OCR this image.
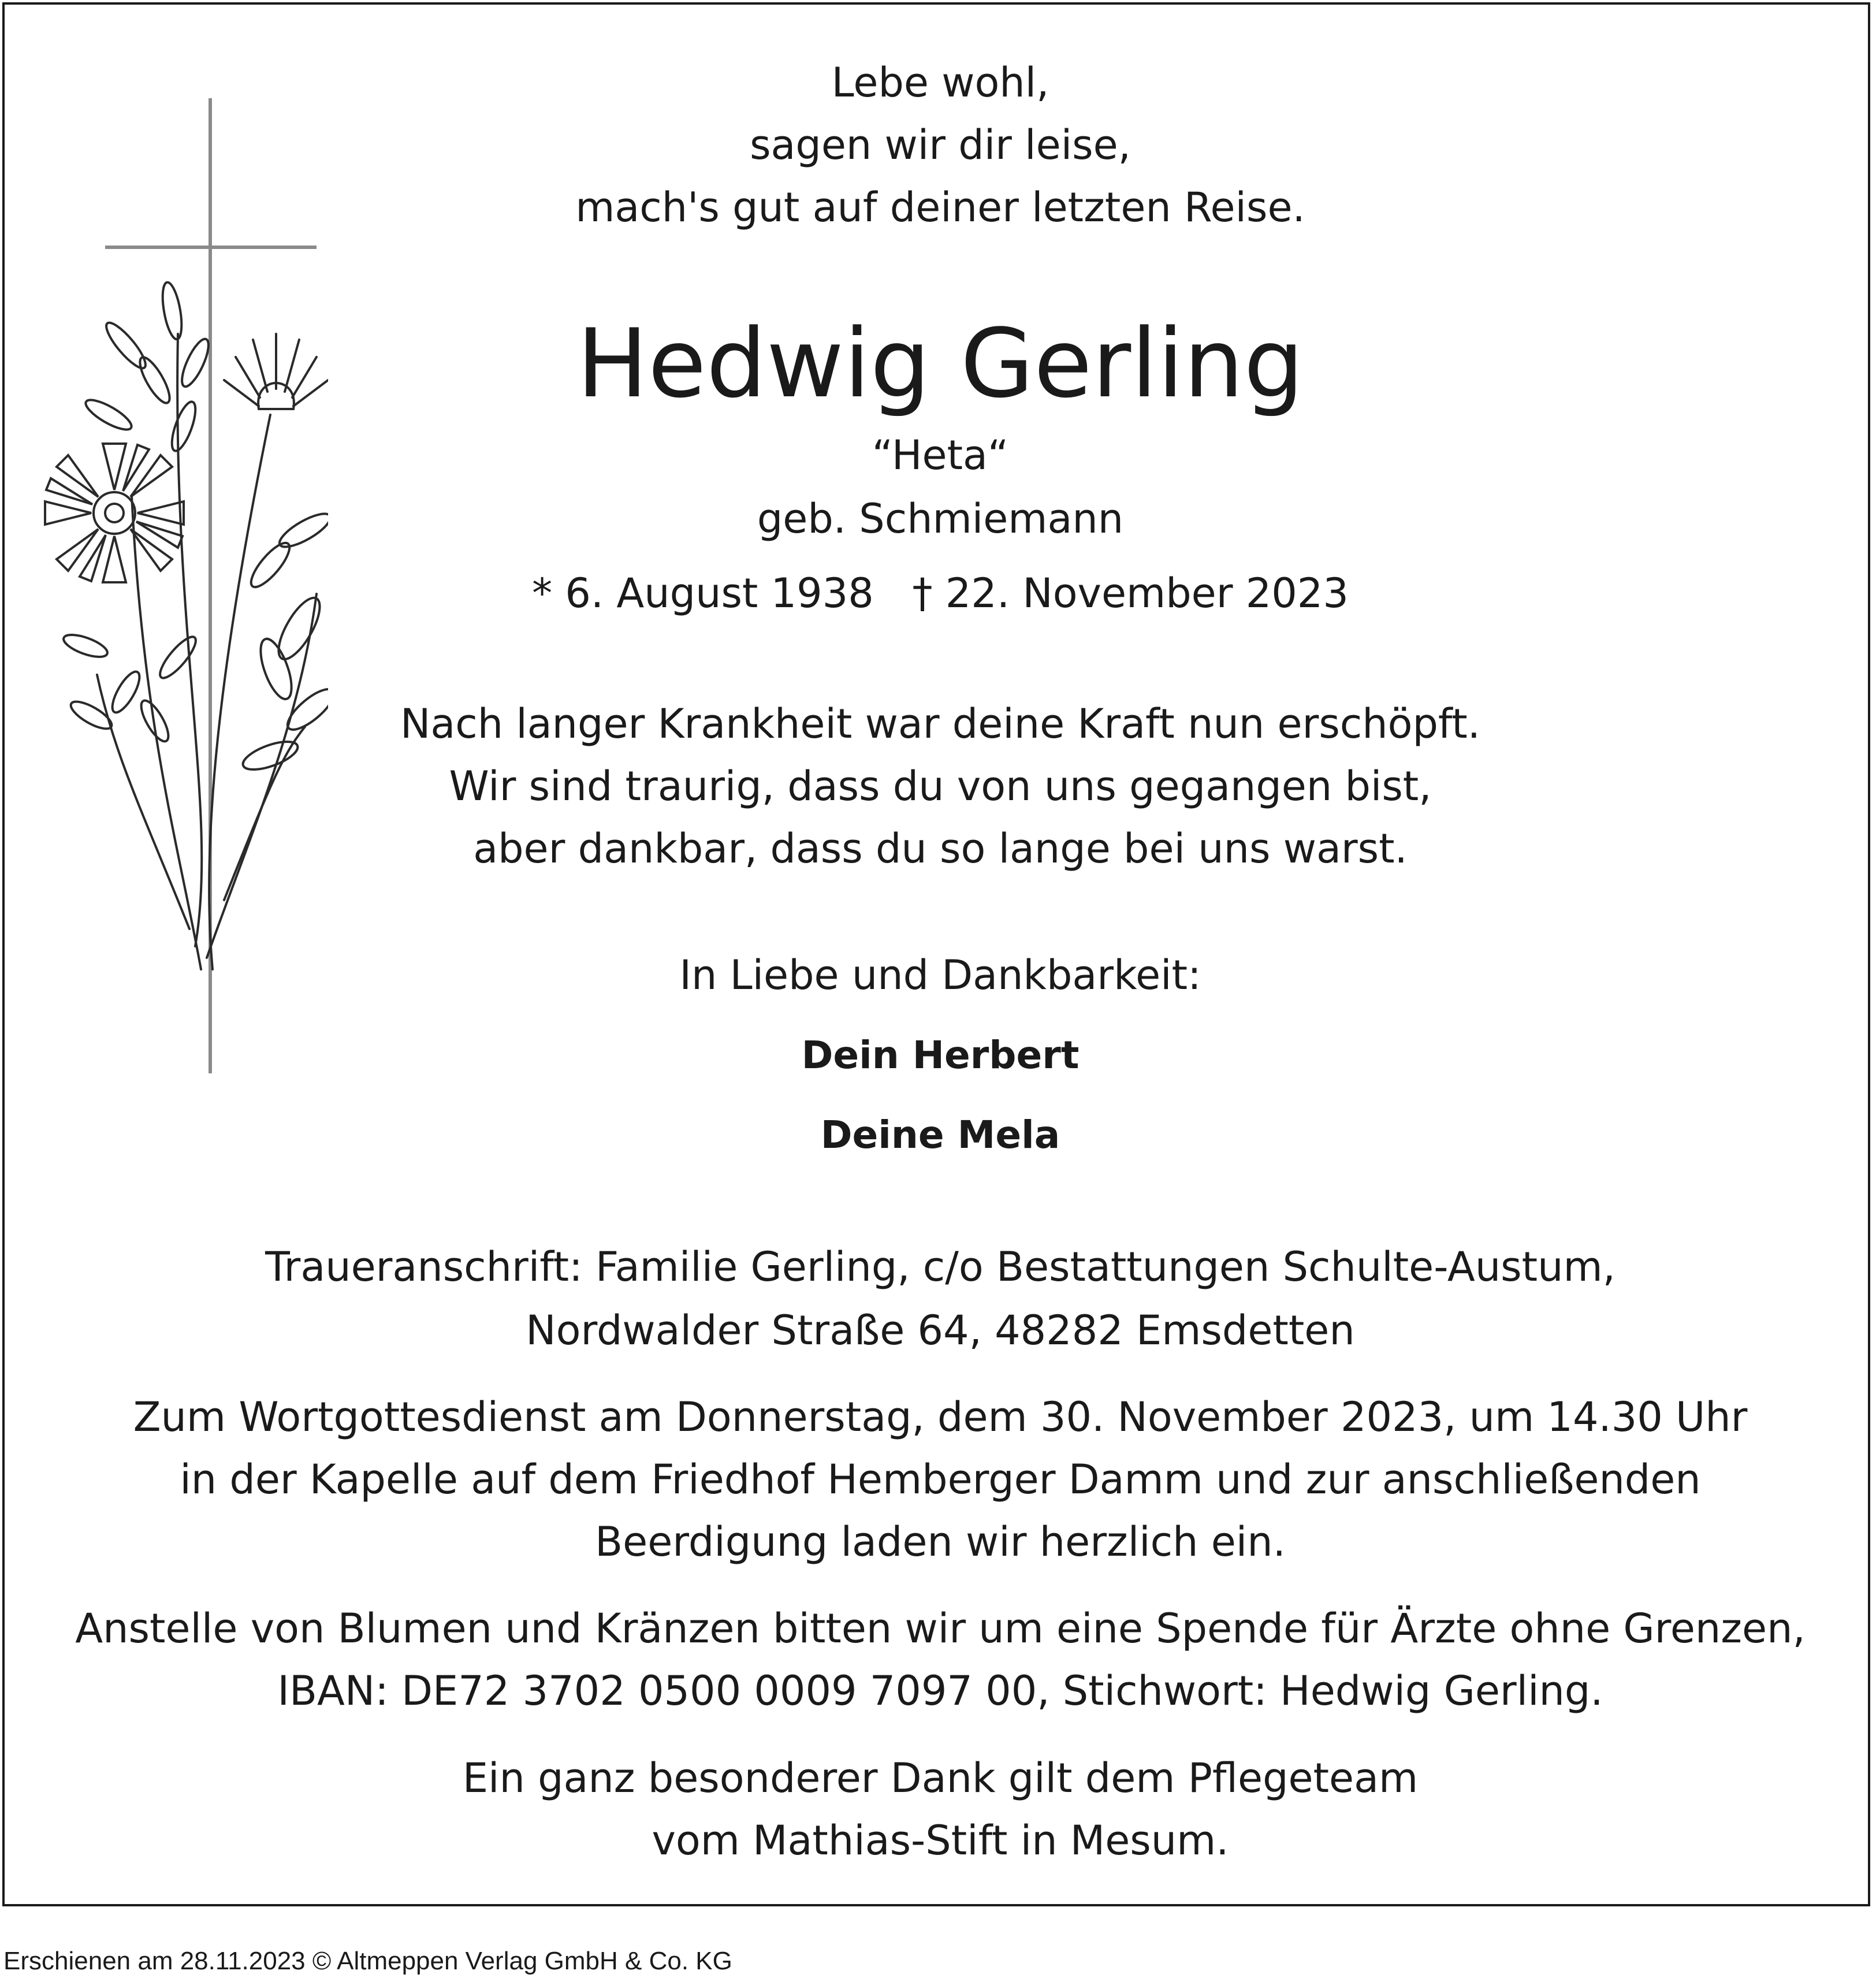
Lebe wohl,
sagen wir dir leise,
mach's gut auf deiner letzten Reise.
Hedwig Gerling
“Heta“
geb. Schmiemann
* 6. August 1938   † 22. November 2023
Nach langer Krankheit war deine Kraft nun erschöpft.
Wir sind traurig, dass du von uns gegangen bist,
aber dankbar, dass du so lange bei uns warst.
In Liebe und Dankbarkeit:
Dein Herbert
Deine Mela
Traueranschrift: Familie Gerling, c/o Bestattungen Schulte-Austum,
Nordwalder Straße 64, 48282 Emsdetten
Zum Wortgottesdienst am Donnerstag, dem 30. November 2023, um 14.30 Uhr
in der Kapelle auf dem Friedhof Hemberger Damm und zur anschließenden
Beerdigung laden wir herzlich ein.
Anstelle von Blumen und Kränzen bitten wir um eine Spende für Ärzte ohne Grenzen,
IBAN: DE72 3702 0500 0009 7097 00, Stichwort: Hedwig Gerling.
Ein ganz besonderer Dank gilt dem Pflegeteam
vom Mathias-Stift in Mesum.
Erschienen am 28.11.2023 © Altmeppen Verlag GmbH & Co. KG
